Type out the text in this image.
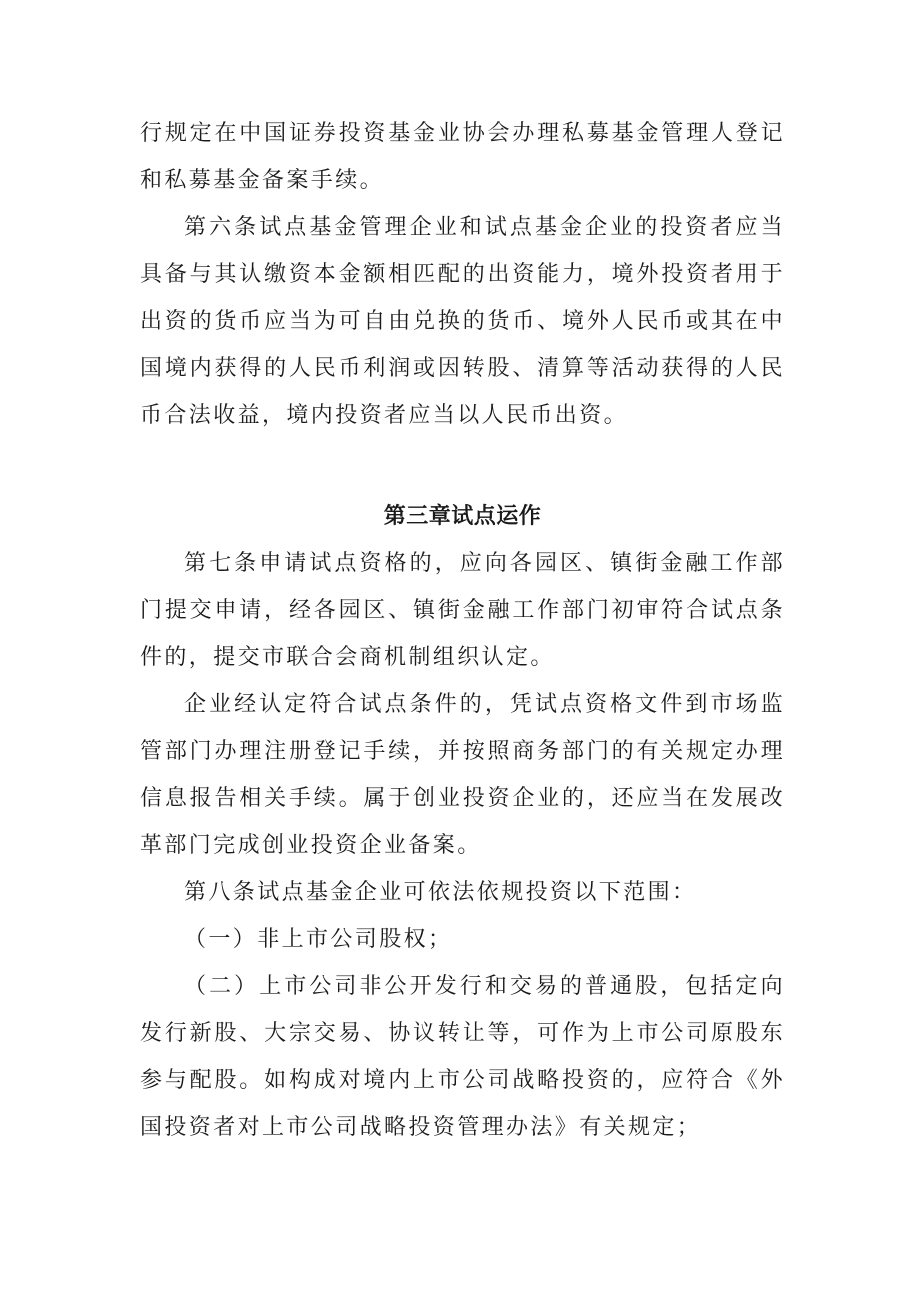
行规定在中国证券投资基金业协会办理私募基金管理人登记和私募基金备案手续。

第六条试点基金管理企业和试点基金企业的投资者应当具备与其认缴资本金额相匹配的出资能力，境外投资者用于出资的货币应当为可自由兑换的货币、境外人民币或其在中国境内获得的人民币利润或因转股、清算等活动获得的人民币合法收益，境内投资者应当以人民币出资。

第三章试点运作

第七条申请试点资格的，应向各园区、镇街金融工作部门提交申请，经各园区、镇街金融工作部门初审符合试点条件的，提交市联合会商机制组织认定。

企业经认定符合试点条件的，凭试点资格文件到市场监管部门办理注册登记手续，并按照商务部门的有关规定办理信息报告相关手续。属于创业投资企业的，还应当在发展改革部门完成创业投资企业备案。

第八条试点基金企业可依法依规投资以下范围：

（一）非上市公司股权；

（二）上市公司非公开发行和交易的普通股，包括定向发行新股、大宗交易、协议转让等，可作为上市公司原股东参与配股。如构成对境内上市公司战略投资的，应符合《外国投资者对上市公司战略投资管理办法》有关规定；
